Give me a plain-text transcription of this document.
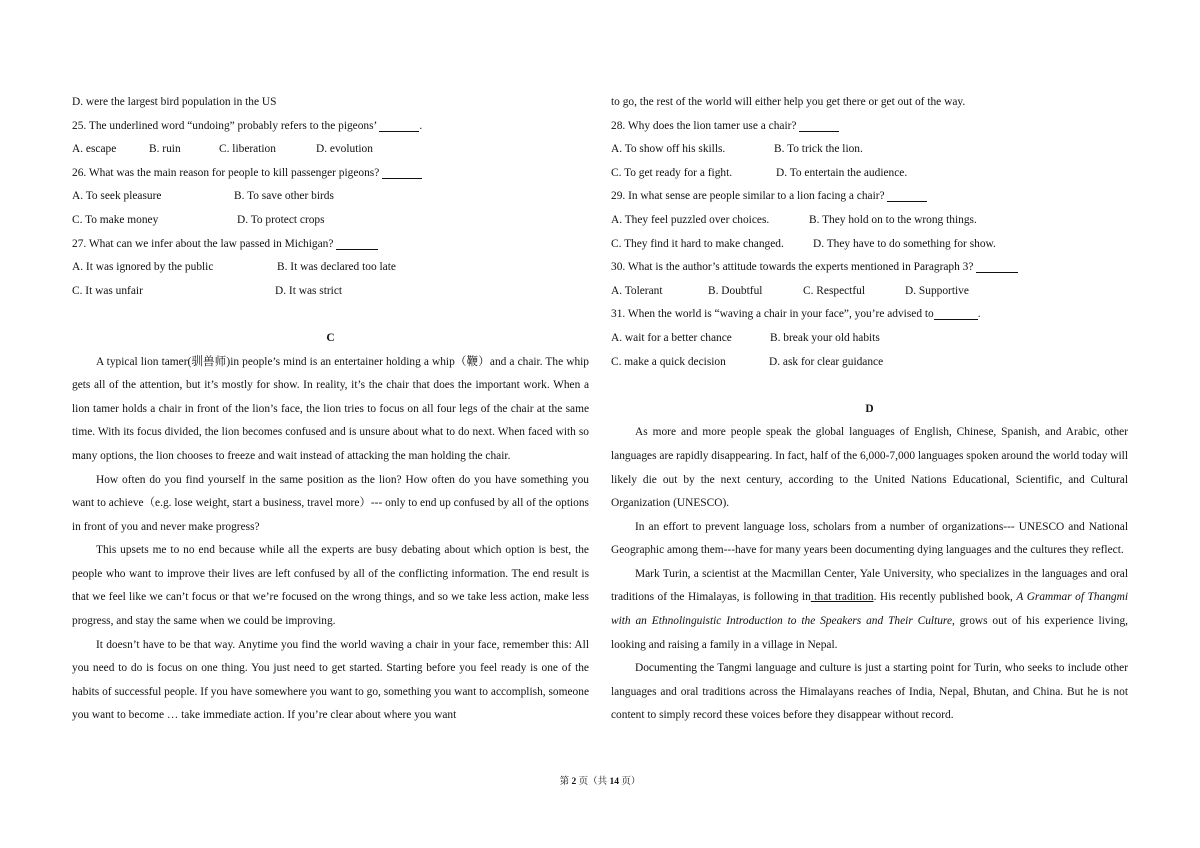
D. were the largest bird population in the US
25. The underlined word “undoing” probably refers to the pigeons’	.
A. escape	B. ruin	C. liberation	D. evolution
26. What was the main reason for people to kill passenger pigeons?
A. To seek pleasure	B. To save other birds
C. To make money	D. To protect crops
27. What can we infer about the law passed in Michigan?
A. It was ignored by the public	B. It was declared too late
C. It was unfair	D. It was strict
C

A typical lion tamer(驯兽师)in people’s mind is an entertainer holding a whip（鞭）and a chair. The whip gets all of the attention, but it’s mostly for show. In reality, it’s the chair that does the important work. When a lion tamer holds a chair in front of the lion’s face, the lion tries to focus on all four legs of the chair at the same time. With its focus divided, the lion becomes confused and is unsure about what to do next. When faced with so many options, the lion chooses to freeze and wait instead of attacking the man holding the chair.

How often do you find yourself in the same position as the lion? How often do you have something you want to achieve（e.g. lose weight, start a business, travel more）--- only to end up confused by all of the options in front of you and never make progress?

This upsets me to no end because while all the experts are busy debating about which option is best, the people who want to improve their lives are left confused by all of the conflicting information. The end result is that we feel like we can’t focus or that we’re focused on the wrong things, and so we take less action, make less progress, and stay the same when we could be improving.

It doesn’t have to be that way. Anytime you find the world waving a chair in your face, remember this: All you need to do is focus on one thing. You just need to get started. Starting before you feel ready is one of the habits of successful people. If you have somewhere you want to go, something you want to accomplish, someone you want to become … take immediate action. If you’re clear about where you want

to go, the rest of the world will either help you get there or get out of the way.
28. Why does the lion tamer use a chair?
A. To show off his skills.	B. To trick the lion.
C. To get ready for a fight.	D. To entertain the audience.
29. In what sense are people similar to a lion facing a chair?
A. They feel puzzled over choices.	B. They hold on to the wrong things.
C. They find it hard to make changed.	D. They have to do something for show.
30. What is the author’s attitude towards the experts mentioned in Paragraph 3?
A. Tolerant	B. Doubtful	C. Respectful	D. Supportive
31. When the world is “waving a chair in your face”, you’re advised to	.
A. wait for a better chance	B. break your old habits
C. make a quick decision	D. ask for clear guidance
D

As more and more people speak the global languages of English, Chinese, Spanish, and Arabic, other languages are rapidly disappearing. In fact, half of the 6,000-7,000 languages spoken around the world today will likely die out by the next century, according to the United Nations Educational, Scientific, and Cultural Organization (UNESCO).

In an effort to prevent language loss, scholars from a number of organizations--- UNESCO and National Geographic among them---have for many years been documenting dying languages and the cultures they reflect.

Mark Turin, a scientist at the Macmillan Center, Yale University, who specializes in the languages and oral traditions of the Himalayas, is following in that tradition. His recently published book, A Grammar of Thangmi with an Ethnolinguistic Introduction to the Speakers and Their Culture, grows out of his experience living, looking and raising a family in a village in Nepal.

Documenting the Tangmi language and culture is just a starting point for Turin, who seeks to include other languages and oral traditions across the Himalayans reaches of India, Nepal, Bhutan, and China. But he is not content to simply record these voices before they disappear without record.

第 2 页（共 14 页）
